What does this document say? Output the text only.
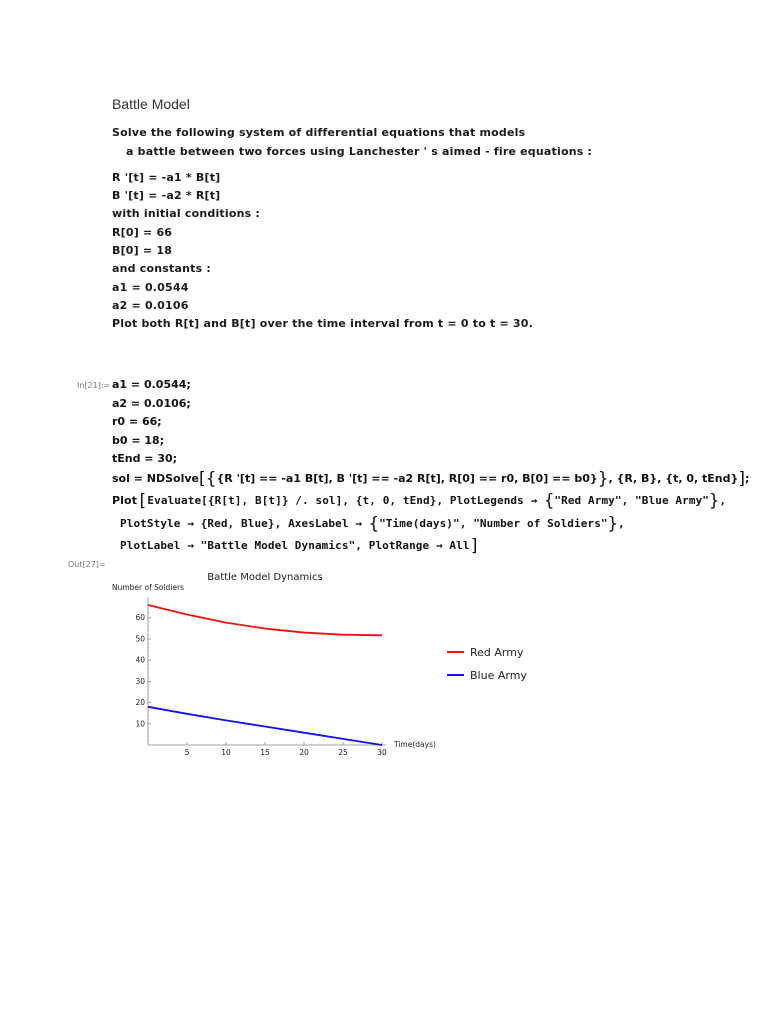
Battle Model
Solve the following system of differential equations that models
a battle between two forces using Lanchester ' s aimed - fire equations :
R '[t] = -a1 * B[t]
B '[t] = -a2 * R[t]
with initial conditions :
R[0] = 66
B[0] = 18
and constants :
a1 = 0.0544
a2 = 0.0106
Plot both R[t] and B[t] over the time interval from t = 0 to t = 30.
In[21]:= a1 = 0.0544;
a2 = 0.0106;
r0 = 66;
b0 = 18;
tEnd = 30;
sol = NDSolve[{{R '[t] == -a1 B[t], B '[t] == -a2 R[t], R[0] == r0, B[0] == b0}}, {R, B}, {t, 0, tEnd}];
Plot[Evaluate[{R[t], B[t]} /. sol], {t, 0, tEnd}, PlotLegends → {"Red Army", "Blue Army"},
PlotStyle → {Red, Blue}, AxesLabel → {"Time(days)", "Number of Soldiers"},
PlotLabel → "Battle Model Dynamics", PlotRange → All]
Out[27]=
Battle Model Dynamics
Number of Soldiers
Time(days)
5	10	15	20	25	30
10
20
30
40
50
60
Red Army
Blue Army
